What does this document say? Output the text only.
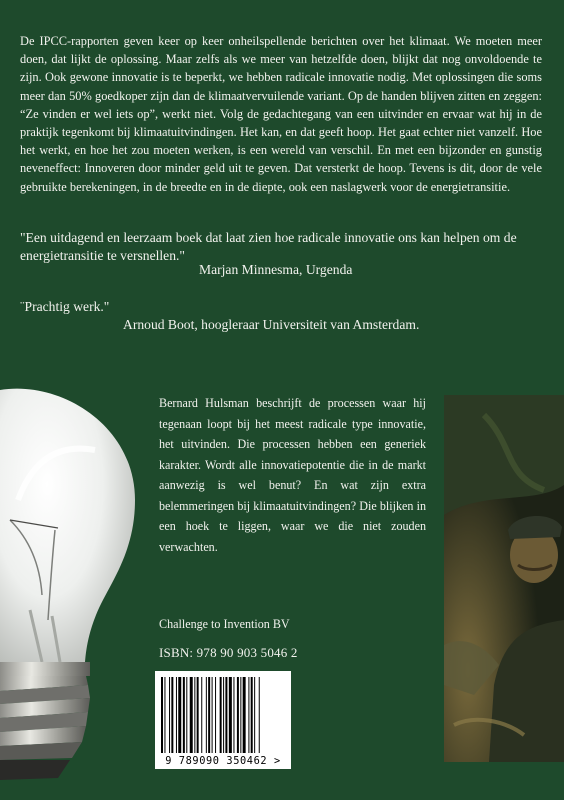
De IPCC-rapporten geven keer op keer onheilspellende berichten over het klimaat. We moeten meer doen, dat lijkt de oplossing. Maar zelfs als we meer van hetzelfde doen, blijkt dat nog onvoldoende te zijn. Ook gewone innovatie is te beperkt, we hebben radicale innovatie nodig. Met oplossingen die soms meer dan 50% goedkoper zijn dan de klimaatvervuilende variant. Op de handen blijven zitten en zeggen: “Ze vinden er wel iets op”, werkt niet. Volg de gedachtegang van een uitvinder en ervaar wat hij in de praktijk tegenkomt bij klimaatuitvindingen. Het kan, en dat geeft hoop. Het gaat echter niet vanzelf. Hoe het werkt, en hoe het zou moeten werken, is een wereld van verschil. En met een bijzonder en gunstig neveneffect: Innoveren door minder geld uit te geven. Dat versterkt de hoop. Tevens is dit, door de vele gebruikte berekeningen, in de breedte en in de diepte, ook een naslagwerk voor de energietransitie.

"Een uitdagend en leerzaam boek dat laat zien hoe radicale innovatie ons kan helpen om de energietransitie te versnellen."

Marjan Minnesma, Urgenda

¨Prachtig werk."

Arnoud Boot, hoogleraar Universiteit van Amsterdam.

Bernard Hulsman beschrijft de processen waar hij tegenaan loopt bij het meest radicale type innovatie, het uitvinden. Die processen hebben een generiek karakter. Wordt alle innovatiepotentie die in de markt aanwezig is wel benut? En wat zijn extra belemmeringen bij klimaatuitvindingen? Die blijken in een hoek te liggen, waar we die niet zouden verwachten.

Challenge to Invention BV
ISBN: 978 90 903 5046 2
9 789090 350462 >
